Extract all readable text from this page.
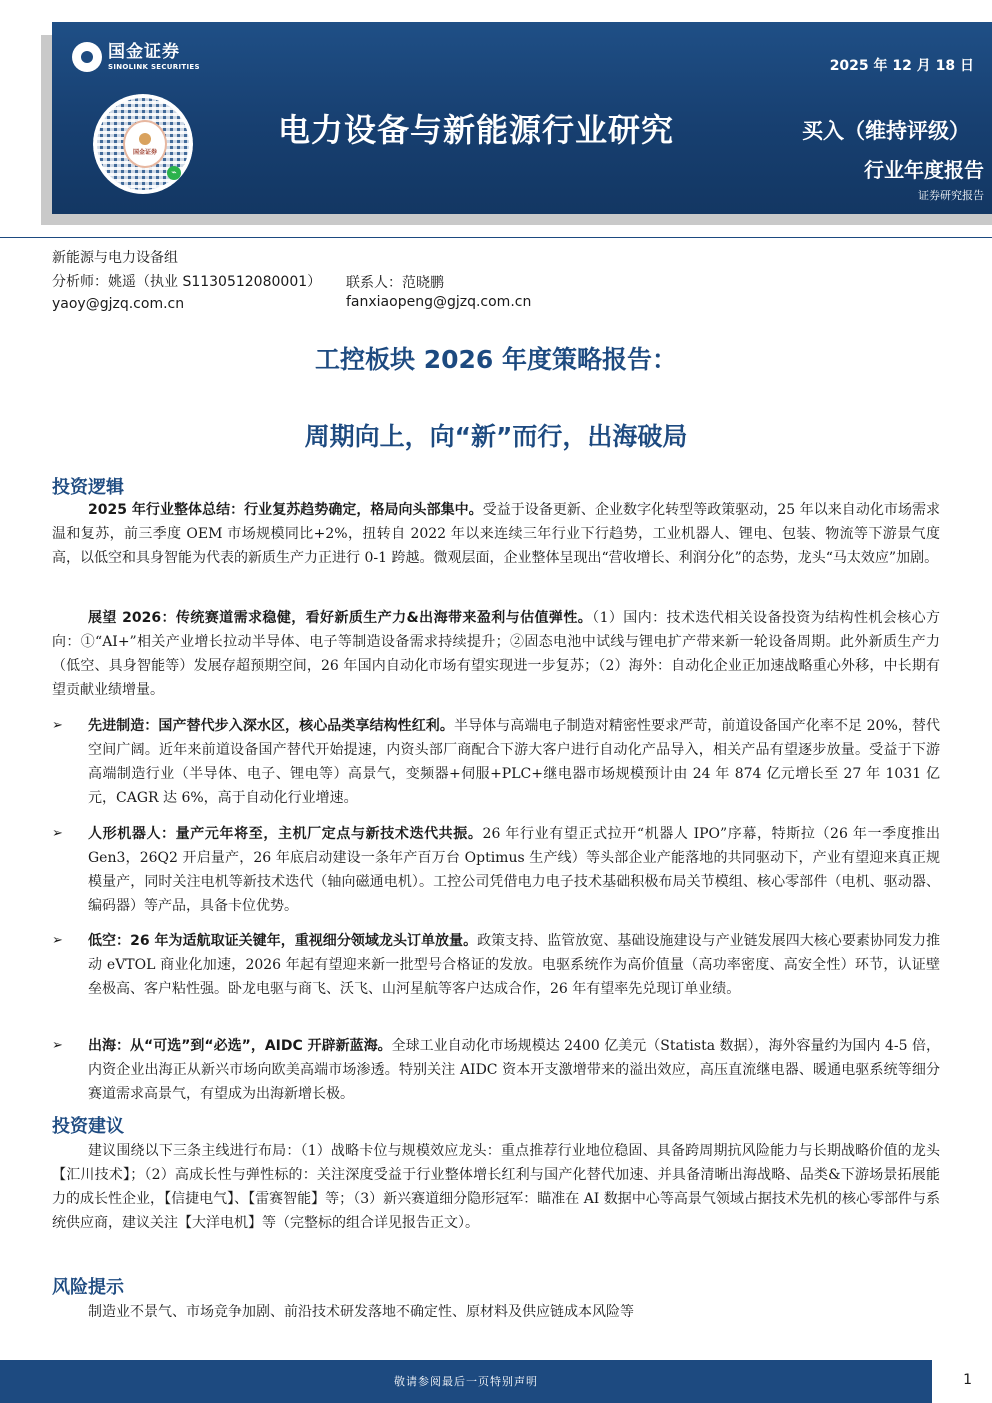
国金证券
SINOLINK SECURITIES
国金证券
⌁
2025 年 12 月 18 日
电力设备与新能源行业研究	买入（维持评级）
行业年度报告
证券研究报告
新能源与电力设备组
分析师：姚遥（执业 S1130512080001）
yaoy@gjzq.com.cn
联系人：范晓鹏
fanxiaopeng@gjzq.com.cn
工控板块 2026 年度策略报告：
周期向上，向“新”而行，出海破局
投资逻辑
2025 年行业整体总结：行业复苏趋势确定，格局向头部集中。受益于设备更新、企业数字化转型等政策驱动，25 年以来自动化市场需求温和复苏，前三季度 OEM 市场规模同比+2%，扭转自 2022 年以来连续三年行业下行趋势，工业机器人、锂电、包装、物流等下游景气度高，以低空和具身智能为代表的新质生产力正进行 0-1 跨越。微观层面，企业整体呈现出“营收增长、利润分化”的态势，龙头“马太效应”加剧。
展望 2026：传统赛道需求稳健，看好新质生产力&出海带来盈利与估值弹性。（1）国内：技术迭代相关设备投资为结构性机会核心方向：①“AI+”相关产业增长拉动半导体、电子等制造设备需求持续提升；②固态电池中试线与锂电扩产带来新一轮设备周期。此外新质生产力（低空、具身智能等）发展存超预期空间，26 年国内自动化市场有望实现进一步复苏；（2）海外：自动化企业正加速战略重心外移，中长期有望贡献业绩增量。
➢	先进制造：国产替代步入深水区，核心品类享结构性红利。半导体与高端电子制造对精密性要求严苛，前道设备国产化率不足 20%，替代空间广阔。近年来前道设备国产替代开始提速，内资头部厂商配合下游大客户进行自动化产品导入，相关产品有望逐步放量。受益于下游高端制造行业（半导体、电子、锂电等）高景气，变频器+伺服+PLC+继电器市场规模预计由 24 年 874 亿元增长至 27 年 1031 亿元，CAGR 达 6%，高于自动化行业增速。
➢	人形机器人：量产元年将至，主机厂定点与新技术迭代共振。26 年行业有望正式拉开“机器人 IPO”序幕，特斯拉（26 年一季度推出 Gen3，26Q2 开启量产，26 年底启动建设一条年产百万台 Optimus 生产线）等头部企业产能落地的共同驱动下，产业有望迎来真正规模量产，同时关注电机等新技术迭代（轴向磁通电机）。工控公司凭借电力电子技术基础积极布局关节模组、核心零部件（电机、驱动器、编码器）等产品，具备卡位优势。
➢	低空：26 年为适航取证关键年，重视细分领域龙头订单放量。政策支持、监管放宽、基础设施建设与产业链发展四大核心要素协同发力推动 eVTOL 商业化加速，2026 年起有望迎来新一批型号合格证的发放。电驱系统作为高价值量（高功率密度、高安全性）环节，认证壁垒极高、客户粘性强。卧龙电驱与商飞、沃飞、山河星航等客户达成合作，26 年有望率先兑现订单业绩。
➢	出海：从“可选”到“必选”，AIDC 开辟新蓝海。全球工业自动化市场规模达 2400 亿美元（Statista 数据），海外容量约为国内 4-5 倍，内资企业出海正从新兴市场向欧美高端市场渗透。特别关注 AIDC 资本开支激增带来的溢出效应，高压直流继电器、暖通电驱系统等细分赛道需求高景气，有望成为出海新增长极。
投资建议
建议围绕以下三条主线进行布局：（1）战略卡位与规模效应龙头：重点推荐行业地位稳固、具备跨周期抗风险能力与长期战略价值的龙头【汇川技术】；（2）高成长性与弹性标的：关注深度受益于行业整体增长红利与国产化替代加速、并具备清晰出海战略、品类&下游场景拓展能力的成长性企业，【信捷电气】、【雷赛智能】等；（3）新兴赛道细分隐形冠军：瞄准在 AI 数据中心等高景气领域占据技术先机的核心零部件与系统供应商，建议关注【大洋电机】等（完整标的组合详见报告正文）。
风险提示
制造业不景气、市场竞争加剧、前沿技术研发落地不确定性、原材料及供应链成本风险等
敬请参阅最后一页特别声明	1
